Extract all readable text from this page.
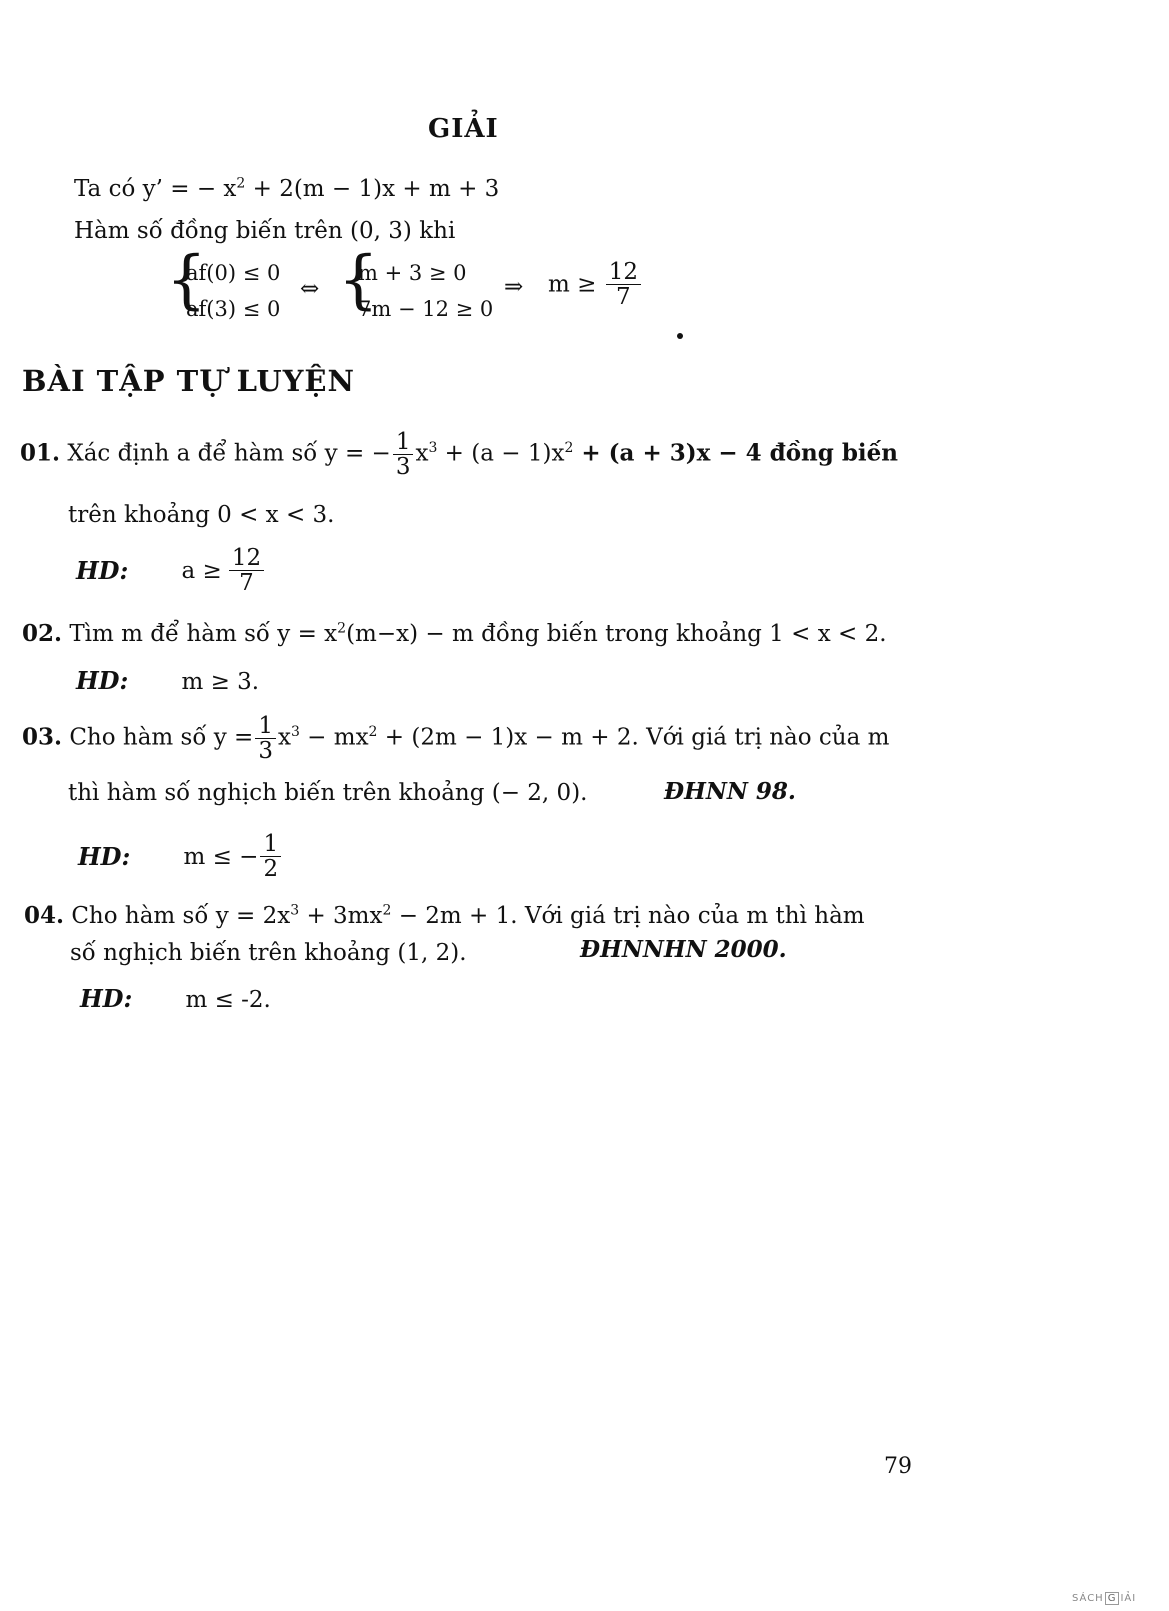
GIẢI
Ta có y’ = − $x^2 + 2(m - 1)x + m + 3$
Hàm số đồng biến trên (0, 3) khi
{
af(0) ≤ 0
af(3) ≤ 0
⇔ {
m + 3 ≥ 0
7m − 12 ≥ 0
⇒ $m \ge \frac{12}{7}$
BÀI TẬP TỰ LUYỆN
01. Xác định a để hàm số y = − $\frac{1}{3} x^3 + (a - 1)x^2 + (a + 3)x - 4$ đồng biến
trên khoảng 0 < x < 3.
HD: $a \ge \frac{12}{7}$
02. Tìm m để hàm số $y = x^2(m-x) - m$ đồng biến trong khoảng 1 < x < 2.
HD: m ≥ 3.
03. Cho hàm số $y = \frac{1}{3} x^3 - mx^2 + (2m - 1)x - m + 2$. Với giá trị nào của m
thì hàm số nghịch biến trên khoảng (− 2, 0).	ĐHNN 98.
HD: m ≤ − $\frac{1}{2}$
04. Cho hàm số $y = 2x^3 + 3mx^2 - 2m + 1$. Với giá trị nào của m thì hàm
số nghịch biến trên khoảng (1, 2).	ĐHNNHN 2000.
HD: m ≤ -2.
79
SÁCH G IẢI
